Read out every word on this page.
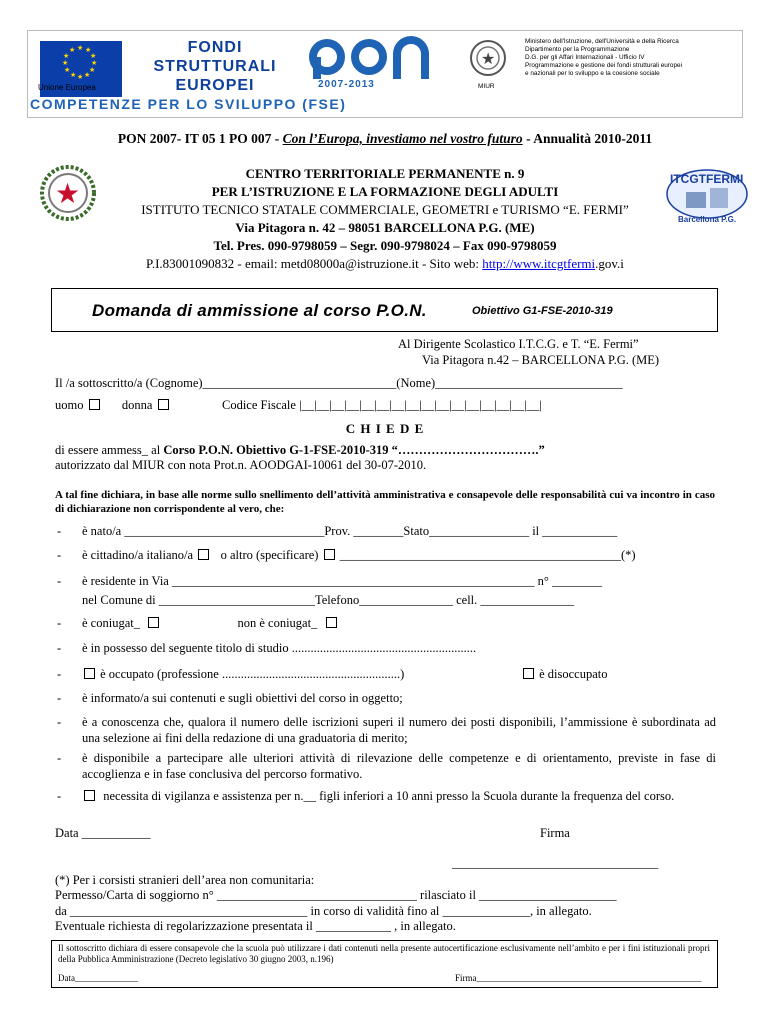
★ ★
★
★
★
★
★
★
★
★
★
★
Unione Europea
FONDI
STRUTTURALI
EUROPEI	2007-2013
★
MIUR
Ministero dell'Istruzione, dell'Università e della Ricerca
Dipartimento per la Programmazione
D.G. per gli Affari Internazionali - Ufficio IV
Programmazione e gestione dei fondi strutturali europei
e nazionali per lo sviluppo e la coesione sociale
COMPETENZE PER LO SVILUPPO (FSE)
PON 2007- IT 05 1 PO 007 - Con l’Europa, investiamo nel vostro futuro - Annualità 2010-2011
★	ITCGTFERMI
Barcellona P.G.
CENTRO TERRITORIALE PERMANENTE n. 9
PER L’ISTRUZIONE E LA FORMAZIONE DEGLI ADULTI
ISTITUTO TECNICO STATALE COMMERCIALE, GEOMETRI e TURISMO “E. FERMI”
Via Pitagora n. 42 – 98051 BARCELLONA P.G. (ME)
Tel. Pres. 090-9798059 – Segr. 090-9798024 – Fax 090-9798059
P.I.83001090832 - email: metd08000a@istruzione.it - Sito web: http://www.itcgtfermi.gov.i
Domanda di ammissione al corso P.O.N.	Obiettivo G1-FSE-2010-319
Al Dirigente Scolastico I.T.C.G. e T. “E. Fermi”
Via Pitagora n.42 – BARCELLONA P.G. (ME)
Il /a sottoscritto/a (Cognome)_______________________________(Nome)______________________________
uomo	donna	Codice Fiscale |__|__|__|__|__|__|__|__|__|__|__|__|__|__|__|__|
C H I E D E
di essere ammess_ al Corso P.O.N. Obiettivo G-1-FSE-2010-319 “…………………………….”
autorizzato dal MIUR con nota Prot.n. AOODGAI-10061 del 30-07-2010.
A tal fine dichiara, in base alle norme sullo snellimento dell’attività amministrativa e consapevole delle responsabilità cui va incontro in caso di dichiarazione non corrispondente al vero, che:
- è nato/a ________________________________Prov. ________Stato________________ il ____________
- è cittadino/a italiano/a o altro (specificare) _____________________________________________(*)
- è residente in Via __________________________________________________________ n° ________
nel Comune di _________________________Telefono_______________ cell. _______________
- è coniugat_	non è coniugat_
- è in possesso del seguente titolo di studio ...........................................................
-	è occupato (professione .........................................................)	è disoccupato
- è informato/a sui contenuti e sugli obiettivi del corso in oggetto;
- è a conoscenza che, qualora il numero delle iscrizioni superi il numero dei posti disponibili, l’ammissione è subordinata ad una selezione ai fini della redazione di una graduatoria di merito;
- è disponibile a partecipare alle ulteriori attività di rilevazione delle competenze e di orientamento, previste in fase di accoglienza e in fase conclusiva del percorso formativo.
-	necessita di vigilanza e assistenza per n.__ figli inferiori a 10 anni presso la Scuola durante la frequenza del corso.
Data ___________	Firma
_________________________________
(*) Per i corsisti stranieri dell’area non comunitaria:
Permesso/Carta di soggiorno n° ________________________________ rilasciato il ______________________
da ______________________________________ in corso di validità fino al ______________, in allegato.
Eventuale richiesta di regolarizzazione presentata il ____________ , in allegato.
Il sottoscritto dichiara di essere consapevole che la scuola può utilizzare i dati contenuti nella presente autocertificazione esclusivamente nell’ambito e per i fini istituzionali propri della Pubblica Amministrazione (Decreto legislativo 30 giugno 2003, n.196)
Data______________	Firma__________________________________________________
